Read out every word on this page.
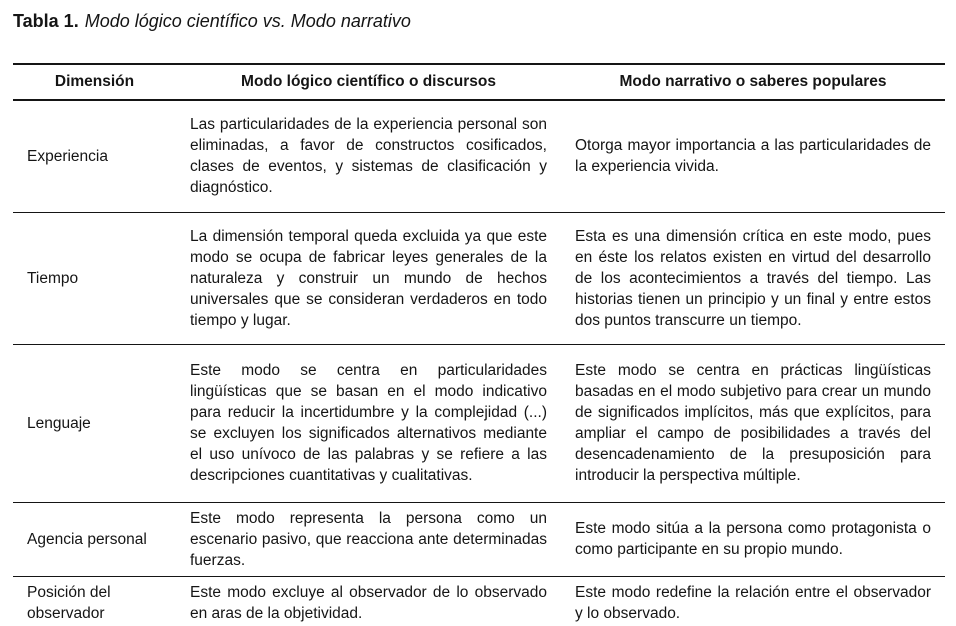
Tabla 1. Modo lógico científico vs. Modo narrativo
Dimensión	Modo lógico científico o discursos	Modo narrativo o saberes populares
Experiencia	Las particularidades de la experiencia personal son eliminadas, a favor de constructos cosificados, clases de eventos, y sistemas de clasificación y diagnóstico.	Otorga mayor importancia a las particularidades de la experiencia vivida.
Tiempo	La dimensión temporal queda excluida ya que este modo se ocupa de fabricar leyes generales de la naturaleza y construir un mundo de hechos universales que se consideran verdaderos en todo tiempo y lugar.	Esta es una dimensión crítica en este modo, pues en éste los relatos existen en virtud del desarrollo de los acontecimientos a través del tiempo. Las historias tienen un principio y un final y entre estos dos puntos transcurre un tiempo.
Lenguaje	Este modo se centra en particularidades lingüísticas que se basan en el modo indicativo para reducir la incertidumbre y la complejidad (...) se excluyen los significados alternativos mediante el uso unívoco de las palabras y se refiere a las descripciones cuantitativas y cualitativas.	Este modo se centra en prácticas lingüísticas basadas en el modo subjetivo para crear un mundo de significados implícitos, más que explícitos, para ampliar el campo de posibilidades a través del desencadenamiento de la presuposición para introducir la perspectiva múltiple.
Agencia personal	Este modo representa la persona como un escenario pasivo, que reacciona ante determinadas fuerzas.	Este modo sitúa a la persona como protagonista o como participante en su propio mundo.
Posición del observador	Este modo excluye al observador de lo observado en aras de la objetividad.	Este modo redefine la relación entre el observador y lo observado.
